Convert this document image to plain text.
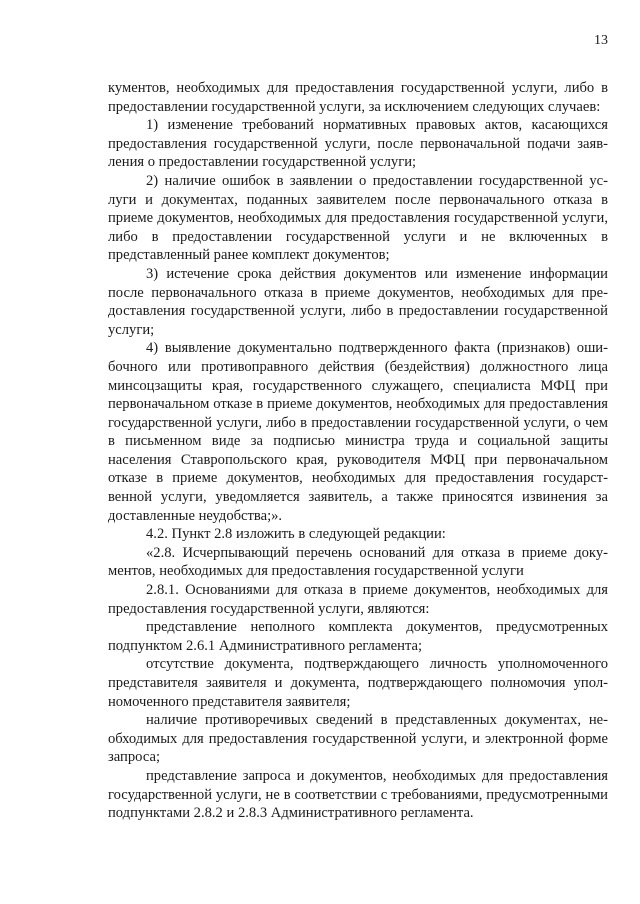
13

кументов, необходимых для предоставления государственной услуги, либо в предоставлении государственной услуги, за исключением следующих случаев:

1) изменение требований нормативных правовых актов, касающихся предоставления государственной услуги, после первоначальной подачи заявления о предоставлении государственной услуги;

2) наличие ошибок в заявлении о предоставлении государственной услуги и документах, поданных заявителем после первоначального отказа в приеме документов, необходимых для предоставления государственной услуги, либо в предоставлении государственной услуги и не включенных в представленный ранее комплект документов;

3) истечение срока действия документов или изменение информации после первоначального отказа в приеме документов, необходимых для предоставления государственной услуги, либо в предоставлении государственной услуги;

4) выявление документально подтвержденного факта (признаков) ошибочного или противоправного действия (бездействия) должностного лица минсоцзащиты края, государственного служащего, специалиста МФЦ при первоначальном отказе в приеме документов, необходимых для предоставления государственной услуги, либо в предоставлении государственной услуги, о чем в письменном виде за подписью министра труда и социальной защиты населения Ставропольского края, руководителя МФЦ при первоначальном отказе в приеме документов, необходимых для предоставления государственной услуги, уведомляется заявитель, а также приносятся извинения за доставленные неудобства;».

4.2. Пункт 2.8 изложить в следующей редакции:

«2.8. Исчерпывающий перечень оснований для отказа в приеме документов, необходимых для предоставления государственной услуги

2.8.1. Основаниями для отказа в приеме документов, необходимых для предоставления государственной услуги, являются:

представление неполного комплекта документов, предусмотренных подпунктом 2.6.1 Административного регламента;

отсутствие документа, подтверждающего личность уполномоченного представителя заявителя и документа, подтверждающего полномочия уполномоченного представителя заявителя;

наличие противоречивых сведений в представленных документах, необходимых для предоставления государственной услуги, и электронной форме запроса;

представление запроса и документов, необходимых для предоставления государственной услуги, не в соответствии с требованиями, предусмотренными подпунктами 2.8.2 и 2.8.3 Административного регламента.
